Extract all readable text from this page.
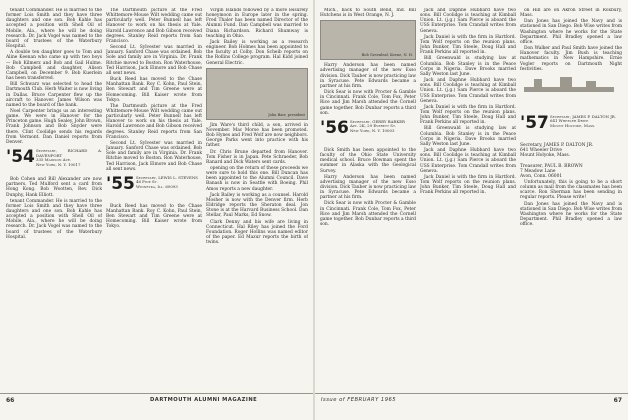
tenant Commander. He is married to the former Lois Smith and they have three daughters and one son. Bob Kahle has accepted a position with Shell Oil of Mobile, Ala., where he will be doing research. Dr. Jack Vogel was named to the board of trustees of the Waterbury Hospital.

A double ten daughter goes to Tom and Aline Keenan who came up with two boys — Bob Kilmerz and Bob and Gail Hulme. Bob Campbell and daughter, Alison Campbell, on December 9. Bob Kuerlein has been transferred.

Bill Schwarz was selected to head the Dartmouth Club. Herb Waiter is now living in Dallas. Bruce Carpenter flew up the aircraft to Hanover. James Wilson was named to the board of the bank.

Noel Carpenter brings us an interesting game. We were in Hanover for the Princeton game. Hugh Sealey, John Brown, Frank Johnson and Bob Snyder were there. Clint Coolidge sends his regards from Vermont. Dan Daniel reports from Denver.

'54 Secretary, RICHARD A. DAVENPORT
335 Madison Ave.
New York, N. Y. 10017

Bob Cohen and Bill Alexander are now partners. Ted Mulford sent a card from Hong Kong. Bob Wootten, Rev. Dick Dunphy, Hank Elliott.

tenant Commander. He is married to the former Lois Smith and they have three daughters and one son. Bob Kahle has accepted a position with Shell Oil of Mobile, Ala., where he will be doing research. Dr. Jack Vogel was named to the board of trustees of the Waterbury Hospital.

The Dartmouth picture at the Fred Whittemore-Mouse Wilt wedding came out particularly well. Peter Bunnell has left Hanover to work on his thesis at Yale. Harold Lawrence and Bob Gibson received degrees. Stanley Reid reports from San Francisco.

Second Lt. Sylvester was married in January. Sanford Chase was ordained. Bob Sole and family are in Virginia. Dr. Frank Ritchie moved to Boston. Ron Waterhouse, Ted Harrison, Jack Elmore and Bob Chase all sent news.

Buck Reed has moved to the Chase Manhattan Bank. Roy C. Kohn, Paul Stein, Ben Stewart and Tim Greene were at Homecoming. Bill Kaiser wrote from Tokyo.

The Dartmouth picture at the Fred Whittemore-Mouse Wilt wedding came out particularly well. Peter Bunnell has left Hanover to work on his thesis at Yale. Harold Lawrence and Bob Gibson received degrees. Stanley Reid reports from San Francisco.

Second Lt. Sylvester was married in January. Sanford Chase was ordained. Bob Sole and family are in Virginia. Dr. Frank Ritchie moved to Boston. Ron Waterhouse, Ted Harrison, Jack Elmore and Bob Chase all sent news.

'55 Secretary, LEWIS L. STEVENS
46 Pine St.
Winnetka, Ill. 60093

Buck Reed has moved to the Chase Manhattan Bank. Roy C. Kohn, Paul Stein, Ben Stewart and Tim Greene were at Homecoming. Bill Kaiser wrote from Tokyo.

Virgin Islands followed by a more leisurely honeymoon in Europe later in the spring. Fred Thaler has been named Director of the Alumni Fund. Dan Campbell was married to Diana Richardson. Richard Shumway is teaching in Ohio.

Jack Bailey is working as a research engineer. Bob Holmes has been appointed to the faculty at Colby. Don Scheib reports on the Rollins College program. Hal Kidd joined General Electric.

John Barr, president

Jim Ware's third child, a son, arrived in November. Mac Morse has been promoted. Bob Hynes and Fred Wolf are now neighbors. George Parks went into practice with his father.

Dr. Chris Brune departed from Hanover. Tom Fisher is in Japan. Pete Schraeder, Bob Ranard and Dick Waters sent cards.

opening on the return of these proceeds we were sure to hold this one. Bill Duncan has been appointed to the Alumni Council. Dave Banash is now in Seattle with Boeing. Phil Amos reports a new daughter.

Jack Bailey is working as a counsel. Harold Mosher is now with the Denver firm. Herb Eldridge reports the Sheraton deal. Jon Stone is at the Harvard Business School. Dan Stellar, Paul Marks, Ed Snow.

Clark Denny and his wife are living in Connecticut. Hal Riley has joined the Ford Foundation. Roger Hollins was named editor of the paper. Ed Mazur reports the birth of twins.

66	DARTMOUTH ALUMNI MAGAZINE

Mich., back to South Bend, Ind. Bill Hutchens is in West Orange, N. J.

Bob Greenleaf, Keene, N. H.

Harry Anderson has been named advertising manager of the new Esso division. Dick Tauber is now practicing law in Syracuse. Pete Edwards became a partner at his firm.

Dick Sear is now with Procter & Gamble in Cincinnati. Frank Cole, Tom Fox, Peter Rice and Jim Marsh attended the Cornell game together. Bob Dunbar reports a third son.

'56 Secretary, GERRY BARKER
Apt. 2K, 29 Everett St.
New York, N. Y. 10003

Dick Smith has been appointed to the faculty of the Ohio State University medical school. Bruce Bowman spent the summer in Alaska with the Geological Survey.

Harry Anderson has been named advertising manager of the new Esso division. Dick Tauber is now practicing law in Syracuse. Pete Edwards became a partner at his firm.

Dick Sear is now with Procter & Gamble in Cincinnati. Frank Cole, Tom Fox, Peter Rice and Jim Marsh attended the Cornell game together. Bob Dunbar reports a third son.

Jack and Daphne Hubbard have two sons. Bill Coolidge is teaching at Kimball Union. Lt. (j.g.) Sam Pierce is aboard the USS Enterprise. Tom Crandall writes from Geneva.

Jack Daniel is with the firm in Hartford. Tom Wolf reports on the reunion plans. John Bunker, Tim Steele, Doug Hall and Frank Perkins all reported in.

Bill Greenwald is studying law at Columbia. Bob Stanley is in the Peace Corps in Nigeria. Dave Brooks married Sally Weston last June.

Jack and Daphne Hubbard have two sons. Bill Coolidge is teaching at Kimball Union. Lt. (j.g.) Sam Pierce is aboard the USS Enterprise. Tom Crandall writes from Geneva.

Jack Daniel is with the firm in Hartford. Tom Wolf reports on the reunion plans. John Bunker, Tim Steele, Doug Hall and Frank Perkins all reported in.

Bill Greenwald is studying law at Columbia. Bob Stanley is in the Peace Corps in Nigeria. Dave Brooks married Sally Weston last June.

Jack and Daphne Hubbard have two sons. Bill Coolidge is teaching at Kimball Union. Lt. (j.g.) Sam Pierce is aboard the USS Enterprise. Tom Crandall writes from Geneva.

Jack Daniel is with the firm in Hartford. Tom Wolf reports on the reunion plans. John Bunker, Tim Steele, Doug Hall and Frank Perkins all reported in.

on Hill are on Akron Street in Roxbury, Mass.

Dan Jones has joined the Navy and is stationed in San Diego. Bob Wise writes from Washington where he works for the State Department. Phil Bradley opened a law office.

Don Walker and Paul Smith have joined the Hanover faculty. Jim Bush is teaching mathematics in New Hampshire. Ernie Vogler reports on Dartmouth Night festivities.

'57 Secretary, JAMES P. DALTON JR.
641 Wheeler Drive
Mount Holyoke, Mass.

Secretary, JAMES P. DALTON JR.
641 Wheeler Drive
Mount Holyoke, Mass.

Treasurer, PAUL B. BROWN
7 Meadow Lane
Avon, Conn. 06001

Unfortunately, this is going to be a short column as mail from the classmates has been scarce. Ron Sherman has been sending in regular reports. Please write!

Dan Jones has joined the Navy and is stationed in San Diego. Bob Wise writes from Washington where he works for the State Department. Phil Bradley opened a law office.

Issue of FEBRUARY 1965	67
